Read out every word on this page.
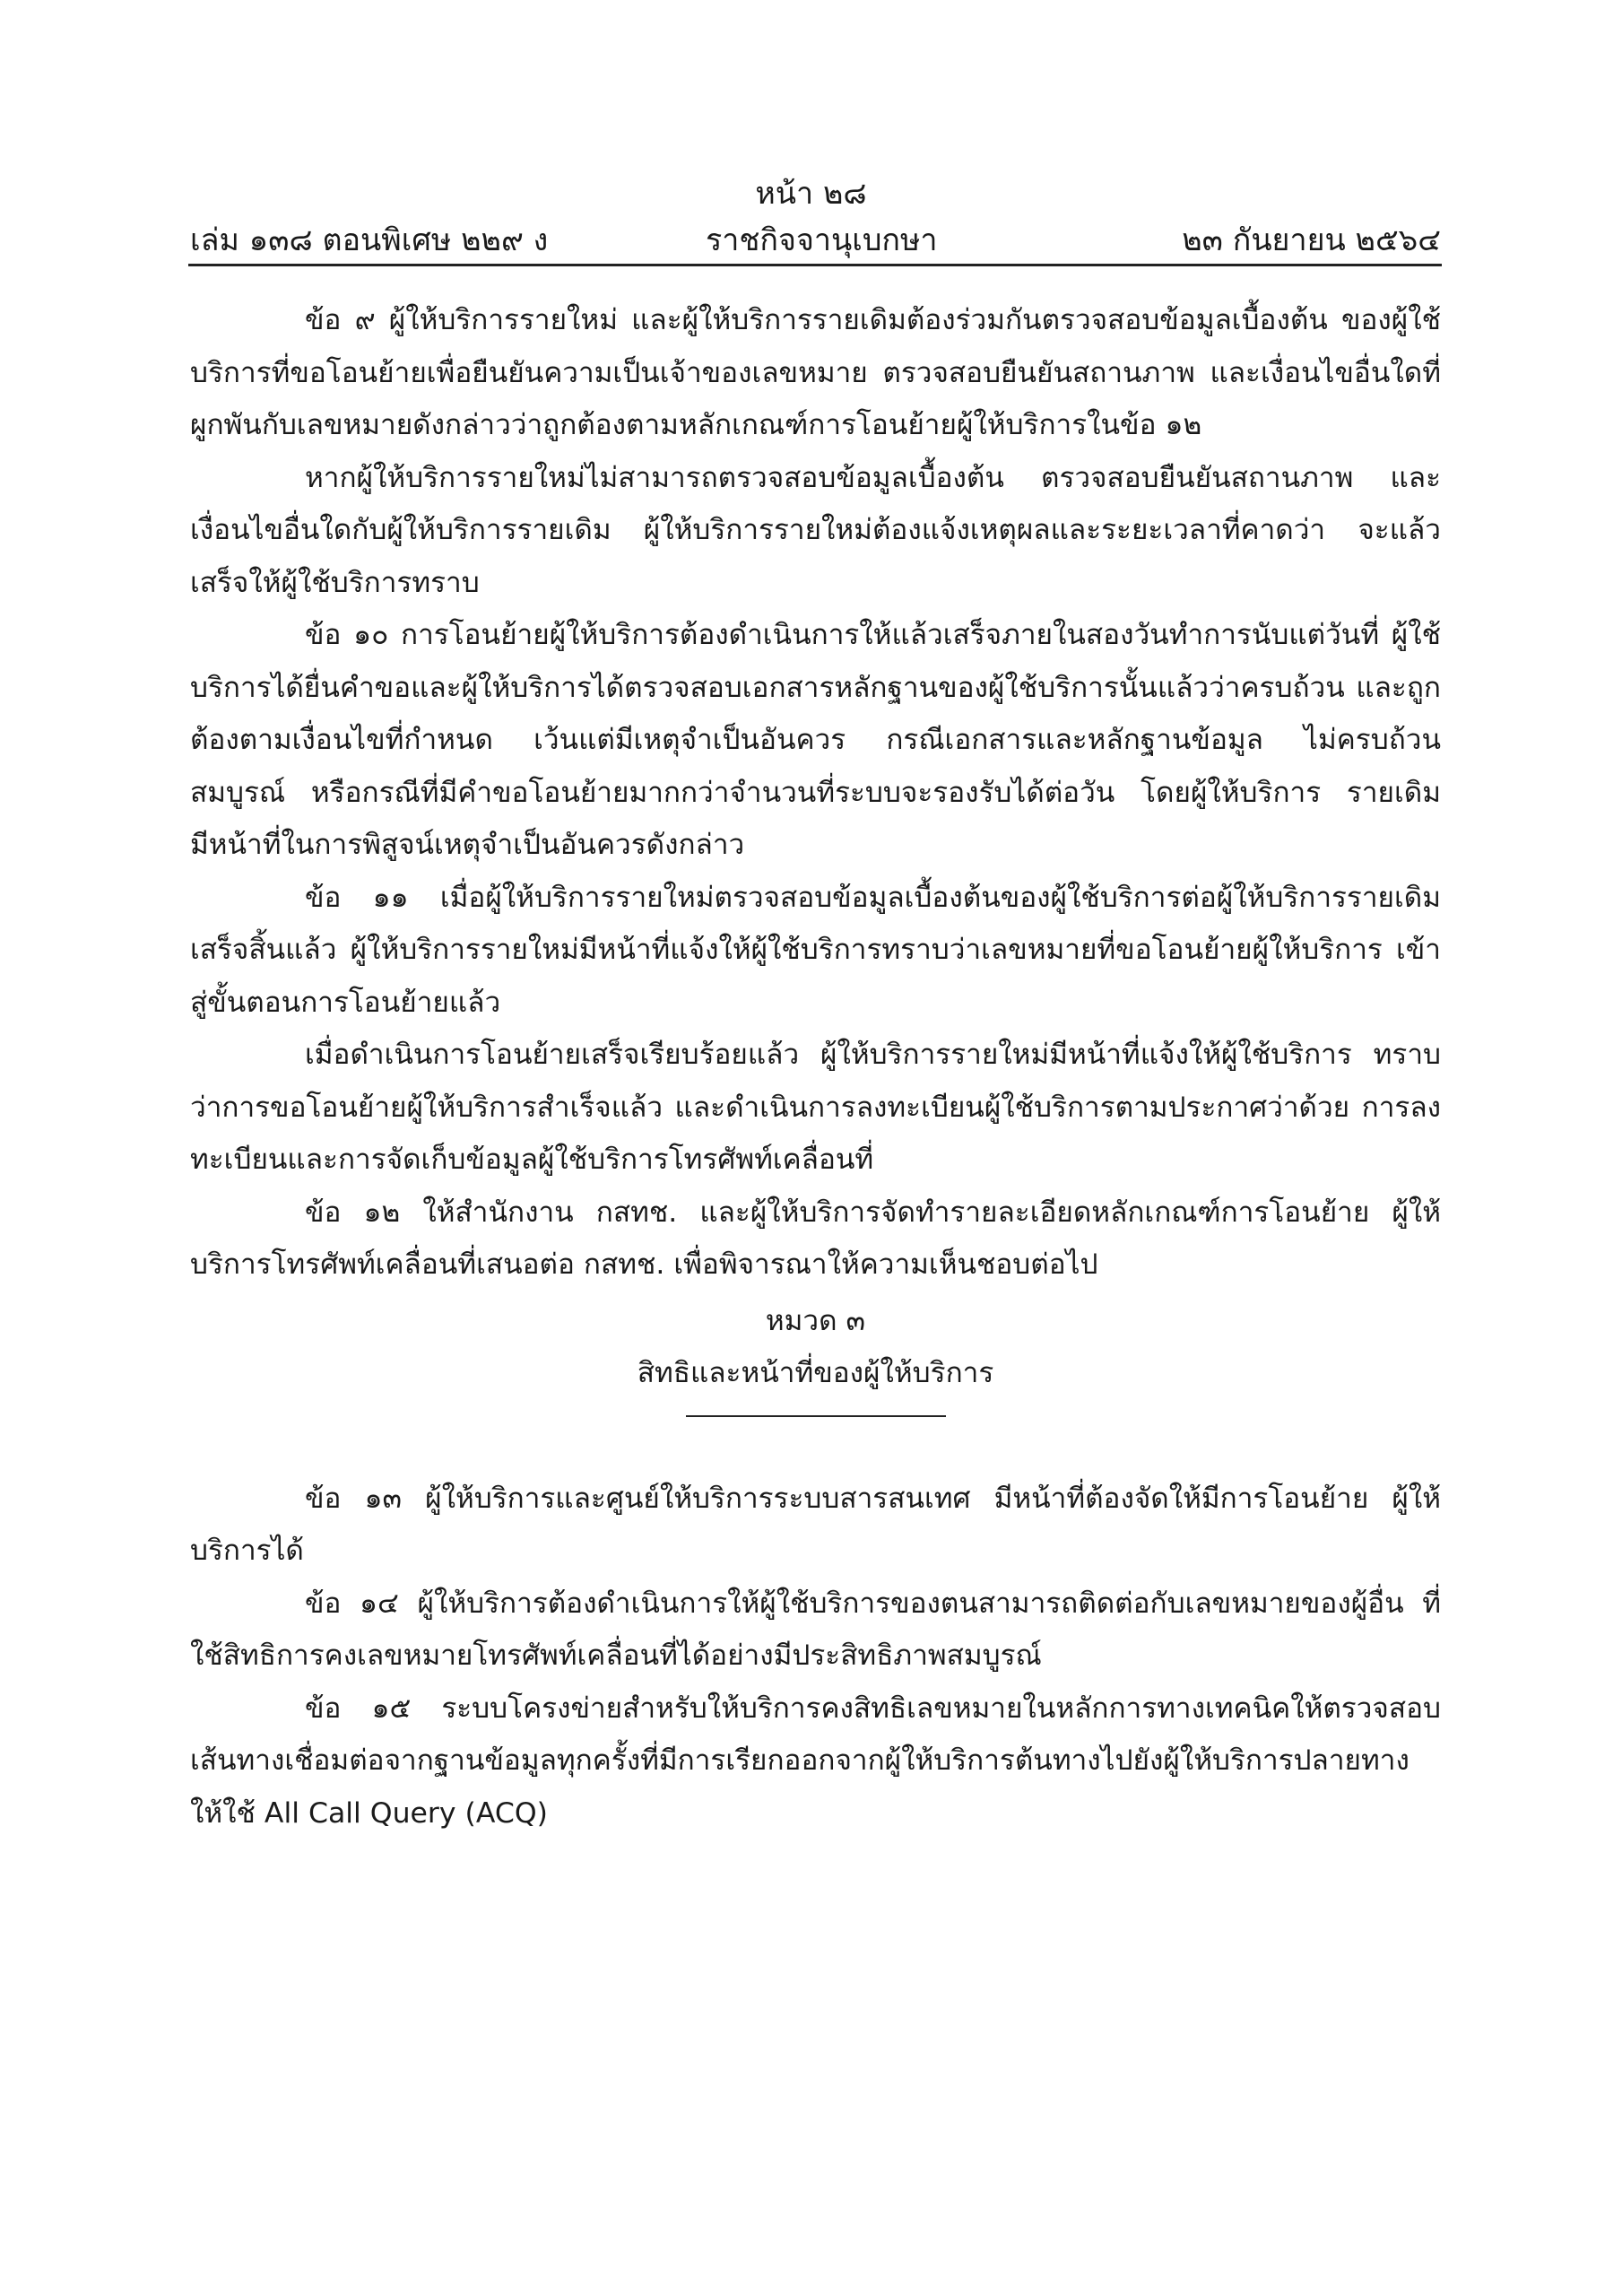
หน้า ๒๘
เล่ม ๑๓๘ ตอนพิเศษ ๒๒๙ ง	ราชกิจจานุเบกษา	๒๓ กันยายน ๒๕๖๔

ข้อ ๙ ผู้ให้บริการรายใหม่ และผู้ให้บริการรายเดิมต้องร่วมกันตรวจสอบข้อมูลเบื้องต้น ของผู้ใช้บริการที่ขอโอนย้ายเพื่อยืนยันความเป็นเจ้าของเลขหมาย ตรวจสอบยืนยันสถานภาพ และเงื่อนไขอื่นใดที่ผูกพันกับเลขหมายดังกล่าวว่าถูกต้องตามหลักเกณฑ์การโอนย้ายผู้ให้บริการในข้อ ๑๒

หากผู้ให้บริการรายใหม่ไม่สามารถตรวจสอบข้อมูลเบื้องต้น ตรวจสอบยืนยันสถานภาพ และเงื่อนไขอื่นใดกับผู้ให้บริการรายเดิม ผู้ให้บริการรายใหม่ต้องแจ้งเหตุผลและระยะเวลาที่คาดว่า จะแล้วเสร็จให้ผู้ใช้บริการทราบ

ข้อ ๑๐ การโอนย้ายผู้ให้บริการต้องดำเนินการให้แล้วเสร็จภายในสองวันทำการนับแต่วันที่ ผู้ใช้บริการได้ยื่นคำขอและผู้ให้บริการได้ตรวจสอบเอกสารหลักฐานของผู้ใช้บริการนั้นแล้วว่าครบถ้วน และถูกต้องตามเงื่อนไขที่กำหนด เว้นแต่มีเหตุจำเป็นอันควร กรณีเอกสารและหลักฐานข้อมูล ไม่ครบถ้วนสมบูรณ์ หรือกรณีที่มีคำขอโอนย้ายมากกว่าจำนวนที่ระบบจะรองรับได้ต่อวัน โดยผู้ให้บริการ รายเดิมมีหน้าที่ในการพิสูจน์เหตุจำเป็นอันควรดังกล่าว

ข้อ ๑๑ เมื่อผู้ให้บริการรายใหม่ตรวจสอบข้อมูลเบื้องต้นของผู้ใช้บริการต่อผู้ให้บริการรายเดิม เสร็จสิ้นแล้ว ผู้ให้บริการรายใหม่มีหน้าที่แจ้งให้ผู้ใช้บริการทราบว่าเลขหมายที่ขอโอนย้ายผู้ให้บริการ เข้าสู่ขั้นตอนการโอนย้ายแล้ว

เมื่อดำเนินการโอนย้ายเสร็จเรียบร้อยแล้ว ผู้ให้บริการรายใหม่มีหน้าที่แจ้งให้ผู้ใช้บริการ ทราบว่าการขอโอนย้ายผู้ให้บริการสำเร็จแล้ว และดำเนินการลงทะเบียนผู้ใช้บริการตามประกาศว่าด้วย การลงทะเบียนและการจัดเก็บข้อมูลผู้ใช้บริการโทรศัพท์เคลื่อนที่

ข้อ ๑๒ ให้สำนักงาน กสทช. และผู้ให้บริการจัดทำรายละเอียดหลักเกณฑ์การโอนย้าย ผู้ให้บริการโทรศัพท์เคลื่อนที่เสนอต่อ กสทช. เพื่อพิจารณาให้ความเห็นชอบต่อไป

หมวด ๓
สิทธิและหน้าที่ของผู้ให้บริการ

ข้อ ๑๓ ผู้ให้บริการและศูนย์ให้บริการระบบสารสนเทศ มีหน้าที่ต้องจัดให้มีการโอนย้าย ผู้ให้บริการได้

ข้อ ๑๔ ผู้ให้บริการต้องดำเนินการให้ผู้ใช้บริการของตนสามารถติดต่อกับเลขหมายของผู้อื่น ที่ใช้สิทธิการคงเลขหมายโทรศัพท์เคลื่อนที่ได้อย่างมีประสิทธิภาพสมบูรณ์

ข้อ ๑๕ ระบบโครงข่ายสำหรับให้บริการคงสิทธิเลขหมายในหลักการทางเทคนิคให้ตรวจสอบ เส้นทางเชื่อมต่อจากฐานข้อมูลทุกครั้งที่มีการเรียกออกจากผู้ให้บริการต้นทางไปยังผู้ให้บริการปลายทาง ให้ใช้ All Call Query (ACQ)
